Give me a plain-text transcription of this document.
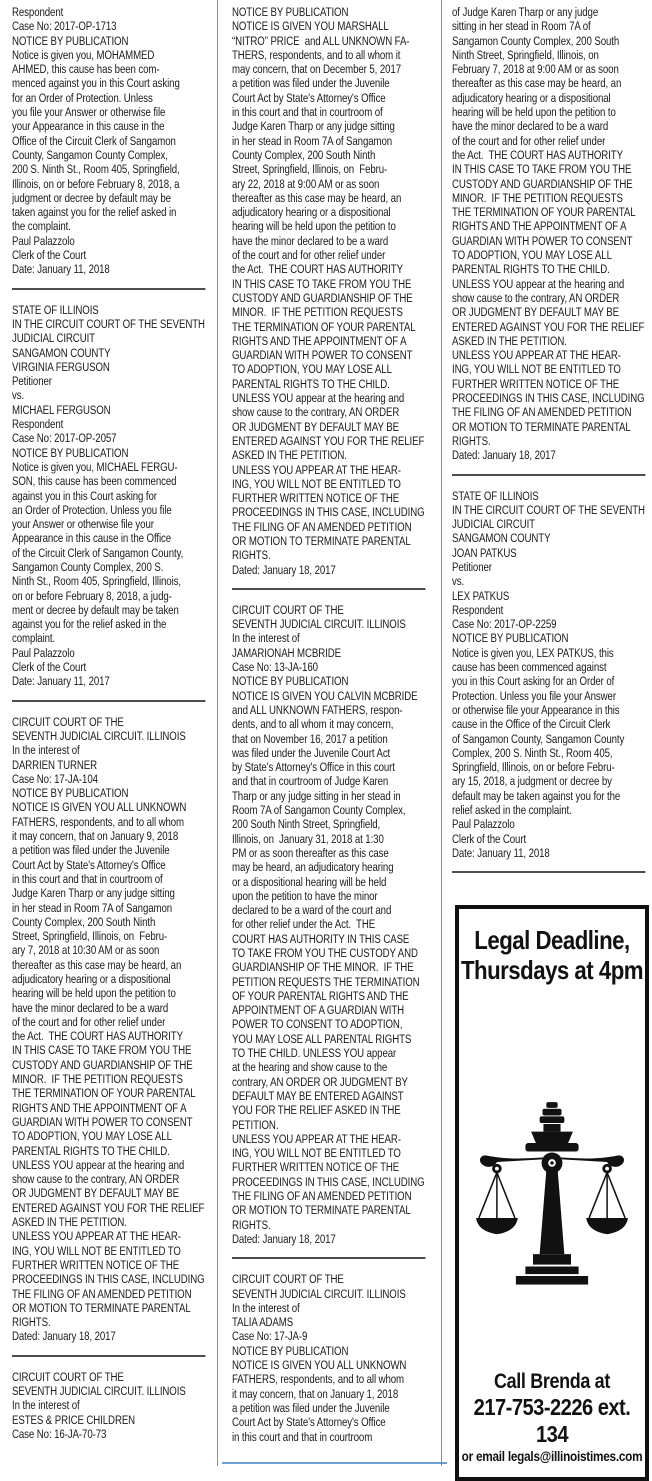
Respondent
Case No: 2017-OP-1713
NOTICE BY PUBLICATION
Notice is given you, MOHAMMED
AHMED, this cause has been com-
menced against you in this Court asking
for an Order of Protection. Unless
you file your Answer or otherwise file
your Appearance in this cause in the
Office of the Circuit Clerk of Sangamon
County, Sangamon County Complex,
200 S. Ninth St., Room 405, Springfield,
Illinois, on or before February 8, 2018, a
judgment or decree by default may be
taken against you for the relief asked in
the complaint.
Paul Palazzolo
Clerk of the Court
Date: January 11, 2018
STATE OF ILLINOIS
IN THE CIRCUIT COURT OF THE SEVENTH
JUDICIAL CIRCUIT
SANGAMON COUNTY
VIRGINIA FERGUSON
Petitioner
vs.
MICHAEL FERGUSON
Respondent
Case No: 2017-OP-2057
NOTICE BY PUBLICATION
Notice is given you, MICHAEL FERGU-
SON, this cause has been commenced
against you in this Court asking for
an Order of Protection. Unless you file
your Answer or otherwise file your
Appearance in this cause in the Office
of the Circuit Clerk of Sangamon County,
Sangamon County Complex, 200 S.
Ninth St., Room 405, Springfield, Illinois,
on or before February 8, 2018, a judg-
ment or decree by default may be taken
against you for the relief asked in the
complaint.
Paul Palazzolo
Clerk of the Court
Date: January 11, 2017
CIRCUIT COURT OF THE
SEVENTH JUDICIAL CIRCUIT. ILLINOIS
In the interest of
DARRIEN TURNER
Case No: 17-JA-104
NOTICE BY PUBLICATION
NOTICE IS GIVEN YOU ALL UNKNOWN
FATHERS, respondents, and to all whom
it may concern, that on January 9, 2018
a petition was filed under the Juvenile
Court Act by State's Attorney's Office
in this court and that in courtroom of
Judge Karen Tharp or any judge sitting
in her stead in Room 7A of Sangamon
County Complex, 200 South Ninth
Street, Springfield, Illinois, on  Febru-
ary 7, 2018 at 10:30 AM or as soon
thereafter as this case may be heard, an
adjudicatory hearing or a dispositional
hearing will be held upon the petition to
have the minor declared to be a ward
of the court and for other relief under
the Act.  THE COURT HAS AUTHORITY
IN THIS CASE TO TAKE FROM YOU THE
CUSTODY AND GUARDIANSHIP OF THE
MINOR.  IF THE PETITION REQUESTS
THE TERMINATION OF YOUR PARENTAL
RIGHTS AND THE APPOINTMENT OF A
GUARDIAN WITH POWER TO CONSENT
TO ADOPTION, YOU MAY LOSE ALL
PARENTAL RIGHTS TO THE CHILD.
UNLESS YOU appear at the hearing and
show cause to the contrary, AN ORDER
OR JUDGMENT BY DEFAULT MAY BE
ENTERED AGAINST YOU FOR THE RELIEF
ASKED IN THE PETITION.
UNLESS YOU APPEAR AT THE HEAR-
ING, YOU WILL NOT BE ENTITLED TO
FURTHER WRITTEN NOTICE OF THE
PROCEEDINGS IN THIS CASE, INCLUDING
THE FILING OF AN AMENDED PETITION
OR MOTION TO TERMINATE PARENTAL
RIGHTS.
Dated: January 18, 2017
CIRCUIT COURT OF THE
SEVENTH JUDICIAL CIRCUIT. ILLINOIS
In the interest of
ESTES & PRICE CHILDREN
Case No: 16-JA-70-73
NOTICE BY PUBLICATION
NOTICE IS GIVEN YOU MARSHALL
“NITRO” PRICE  and ALL UNKNOWN FA-
THERS, respondents, and to all whom it
may concern, that on December 5, 2017
a petition was filed under the Juvenile
Court Act by State's Attorney's Office
in this court and that in courtroom of
Judge Karen Tharp or any judge sitting
in her stead in Room 7A of Sangamon
County Complex, 200 South Ninth
Street, Springfield, Illinois, on  Febru-
ary 22, 2018 at 9:00 AM or as soon
thereafter as this case may be heard, an
adjudicatory hearing or a dispositional
hearing will be held upon the petition to
have the minor declared to be a ward
of the court and for other relief under
the Act.  THE COURT HAS AUTHORITY
IN THIS CASE TO TAKE FROM YOU THE
CUSTODY AND GUARDIANSHIP OF THE
MINOR.  IF THE PETITION REQUESTS
THE TERMINATION OF YOUR PARENTAL
RIGHTS AND THE APPOINTMENT OF A
GUARDIAN WITH POWER TO CONSENT
TO ADOPTION, YOU MAY LOSE ALL
PARENTAL RIGHTS TO THE CHILD.
UNLESS YOU appear at the hearing and
show cause to the contrary, AN ORDER
OR JUDGMENT BY DEFAULT MAY BE
ENTERED AGAINST YOU FOR THE RELIEF
ASKED IN THE PETITION.
UNLESS YOU APPEAR AT THE HEAR-
ING, YOU WILL NOT BE ENTITLED TO
FURTHER WRITTEN NOTICE OF THE
PROCEEDINGS IN THIS CASE, INCLUDING
THE FILING OF AN AMENDED PETITION
OR MOTION TO TERMINATE PARENTAL
RIGHTS.
Dated: January 18, 2017
CIRCUIT COURT OF THE
SEVENTH JUDICIAL CIRCUIT. ILLINOIS
In the interest of
JAMARIONAH MCBRIDE
Case No: 13-JA-160
NOTICE BY PUBLICATION
NOTICE IS GIVEN YOU CALVIN MCBRIDE
and ALL UNKNOWN FATHERS, respon-
dents, and to all whom it may concern,
that on November 16, 2017 a petition
was filed under the Juvenile Court Act
by State's Attorney's Office in this court
and that in courtroom of Judge Karen
Tharp or any judge sitting in her stead in
Room 7A of Sangamon County Complex,
200 South Ninth Street, Springfield,
Illinois, on  January 31, 2018 at 1:30
PM or as soon thereafter as this case
may be heard, an adjudicatory hearing
or a dispositional hearing will be held
upon the petition to have the minor
declared to be a ward of the court and
for other relief under the Act.  THE
COURT HAS AUTHORITY IN THIS CASE
TO TAKE FROM YOU THE CUSTODY AND
GUARDIANSHIP OF THE MINOR.  IF THE
PETITION REQUESTS THE TERMINATION
OF YOUR PARENTAL RIGHTS AND THE
APPOINTMENT OF A GUARDIAN WITH
POWER TO CONSENT TO ADOPTION,
YOU MAY LOSE ALL PARENTAL RIGHTS
TO THE CHILD. UNLESS YOU appear
at the hearing and show cause to the
contrary, AN ORDER OR JUDGMENT BY
DEFAULT MAY BE ENTERED AGAINST
YOU FOR THE RELIEF ASKED IN THE
PETITION.
UNLESS YOU APPEAR AT THE HEAR-
ING, YOU WILL NOT BE ENTITLED TO
FURTHER WRITTEN NOTICE OF THE
PROCEEDINGS IN THIS CASE, INCLUDING
THE FILING OF AN AMENDED PETITION
OR MOTION TO TERMINATE PARENTAL
RIGHTS.
Dated: January 18, 2017
CIRCUIT COURT OF THE
SEVENTH JUDICIAL CIRCUIT. ILLINOIS
In the interest of
TALIA ADAMS
Case No: 17-JA-9
NOTICE BY PUBLICATION
NOTICE IS GIVEN YOU ALL UNKNOWN
FATHERS, respondents, and to all whom
it may concern, that on January 1, 2018
a petition was filed under the Juvenile
Court Act by State's Attorney's Office
in this court and that in courtroom
of Judge Karen Tharp or any judge
sitting in her stead in Room 7A of
Sangamon County Complex, 200 South
Ninth Street, Springfield, Illinois, on
February 7, 2018 at 9:00 AM or as soon
thereafter as this case may be heard, an
adjudicatory hearing or a dispositional
hearing will be held upon the petition to
have the minor declared to be a ward
of the court and for other relief under
the Act.  THE COURT HAS AUTHORITY
IN THIS CASE TO TAKE FROM YOU THE
CUSTODY AND GUARDIANSHIP OF THE
MINOR.  IF THE PETITION REQUESTS
THE TERMINATION OF YOUR PARENTAL
RIGHTS AND THE APPOINTMENT OF A
GUARDIAN WITH POWER TO CONSENT
TO ADOPTION, YOU MAY LOSE ALL
PARENTAL RIGHTS TO THE CHILD.
UNLESS YOU appear at the hearing and
show cause to the contrary, AN ORDER
OR JUDGMENT BY DEFAULT MAY BE
ENTERED AGAINST YOU FOR THE RELIEF
ASKED IN THE PETITION.
UNLESS YOU APPEAR AT THE HEAR-
ING, YOU WILL NOT BE ENTITLED TO
FURTHER WRITTEN NOTICE OF THE
PROCEEDINGS IN THIS CASE, INCLUDING
THE FILING OF AN AMENDED PETITION
OR MOTION TO TERMINATE PARENTAL
RIGHTS.
Dated: January 18, 2017
STATE OF ILLINOIS
IN THE CIRCUIT COURT OF THE SEVENTH
JUDICIAL CIRCUIT
SANGAMON COUNTY
JOAN PATKUS
Petitioner
vs.
LEX PATKUS
Respondent
Case No: 2017-OP-2259
NOTICE BY PUBLICATION
Notice is given you, LEX PATKUS, this
cause has been commenced against
you in this Court asking for an Order of
Protection. Unless you file your Answer
or otherwise file your Appearance in this
cause in the Office of the Circuit Clerk
of Sangamon County, Sangamon County
Complex, 200 S. Ninth St., Room 405,
Springfield, Illinois, on or before Febru-
ary 15, 2018, a judgment or decree by
default may be taken against you for the
relief asked in the complaint.
Paul Palazzolo
Clerk of the Court
Date: January 11, 2018
Legal Deadline,
Thursdays at 4pm
Call Brenda at
217-753-2226 ext. 134
or email legals@illinoistimes.com
